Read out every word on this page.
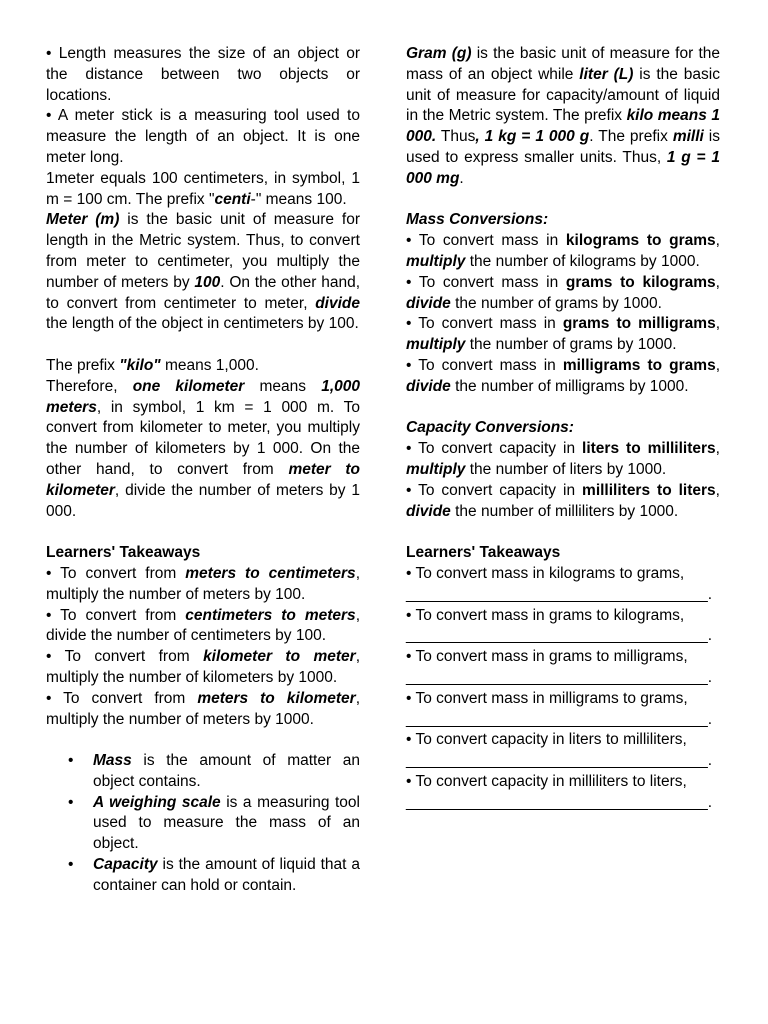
• Length measures the size of an object or the distance between two objects or locations.

• A meter stick is a measuring tool used to measure the length of an object. It is one meter long.

1meter equals 100 centimeters, in symbol, 1 m = 100 cm. The prefix "centi-" means 100.

Meter (m) is the basic unit of measure for length in the Metric system. Thus, to convert from meter to centimeter, you multiply the number of meters by 100. On the other hand, to convert from centimeter to meter, divide the length of the object in centimeters by 100.

The prefix "kilo" means 1,000.

Therefore, one kilometer means 1,000 meters, in symbol, 1 km = 1 000 m. To convert from kilometer to meter, you multiply the number of kilometers by 1 000. On the other hand, to convert from meter to kilometer, divide the number of meters by 1 000.

Learners' Takeaways

• To convert from meters to centimeters, multiply the number of meters by 100.

• To convert from centimeters to meters, divide the number of centimeters by 100.

• To convert from kilometer to meter, multiply the number of kilometers by 1000.

• To convert from meters to kilometer, multiply the number of meters by 1000.

• Mass is the amount of matter an object contains.
• A weighing scale is a measuring tool used to measure the mass of an object.
• Capacity is the amount of liquid that a container can hold or contain.

Gram (g) is the basic unit of measure for the mass of an object while liter (L) is the basic unit of measure for capacity/amount of liquid in the Metric system. The prefix kilo means 1 000. Thus, 1 kg = 1 000 g. The prefix milli is used to express smaller units. Thus, 1 g = 1 000 mg.

Mass Conversions:

• To convert mass in kilograms to grams, multiply the number of kilograms by 1000.

• To convert mass in grams to kilograms, divide the number of grams by 1000.

• To convert mass in grams to milligrams, multiply the number of grams by 1000.

• To convert mass in milligrams to grams, divide the number of milligrams by 1000.

Capacity Conversions:

• To convert capacity in liters to milliliters, multiply the number of liters by 1000.

• To convert capacity in milliliters to liters, divide the number of milliliters by 1000.

Learners' Takeaways

• To convert mass in kilograms to grams,
___________________________________.

• To convert mass in grams to kilograms,
___________________________________.

• To convert mass in grams to milligrams,
___________________________________.

• To convert mass in milligrams to grams,
___________________________________.

• To convert capacity in liters to milliliters,
___________________________________.

• To convert capacity in milliliters to liters,
___________________________________.
